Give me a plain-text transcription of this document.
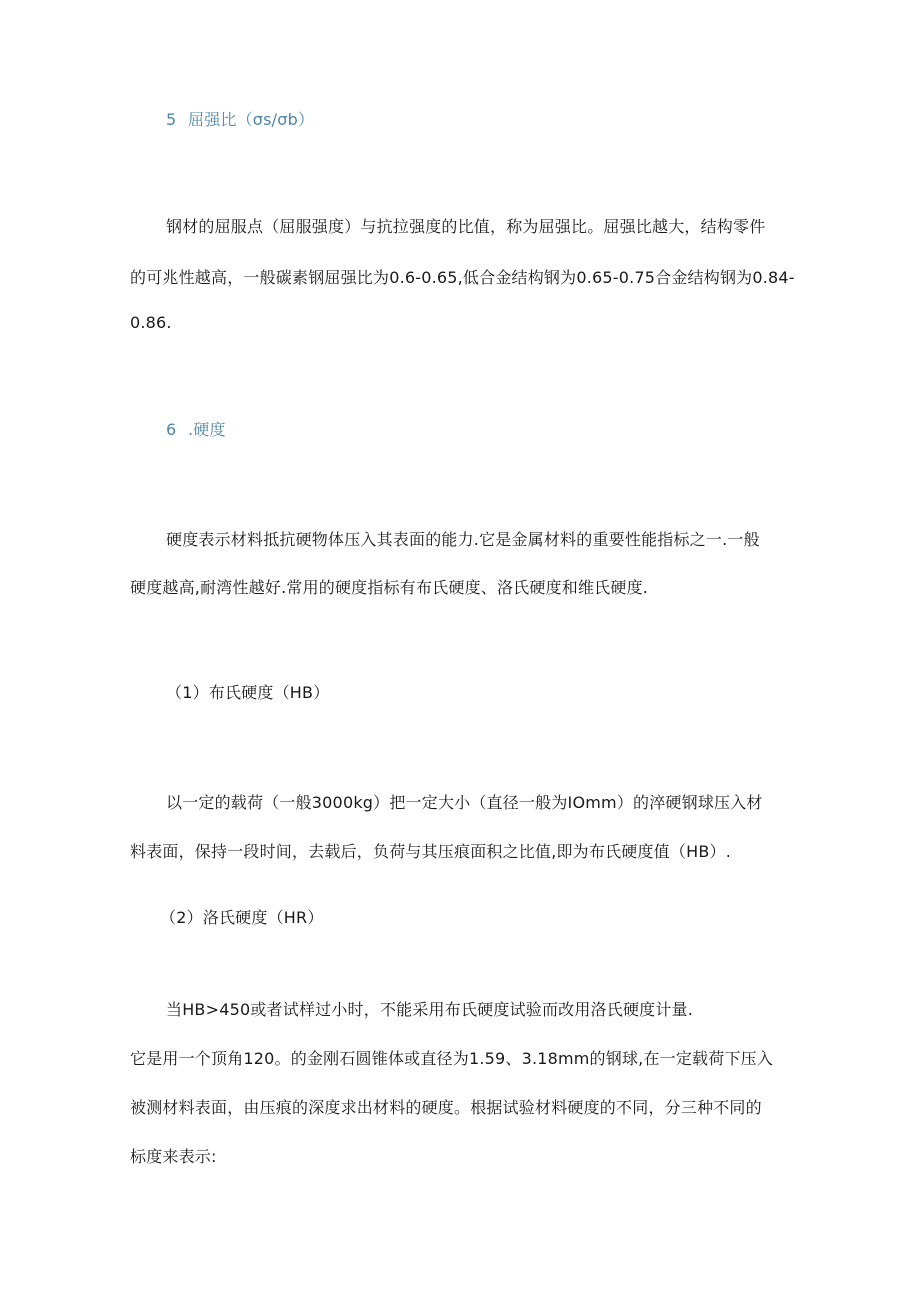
5 屈强比（σs/σb）
钢材的屈服点（屈服强度）与抗拉强度的比值，称为屈强比。屈强比越大，结构零件
的可兆性越高，一般碳素钢屈强比为0.6-0.65,低合金结构钢为0.65-0.75合金结构钢为0.84-
0.86.
6 .硬度
硬度表示材料抵抗硬物体压入其表面的能力.它是金属材料的重要性能指标之一.一般
硬度越高,耐湾性越好.常用的硬度指标有布氏硬度、洛氏硬度和维氏硬度.
（1）布氏硬度（HB）
以一定的载荷（一般3000kg）把一定大小（直径一般为IOmm）的淬硬钢球压入材
料表面，保持一段时间，去载后，负荷与其压痕面积之比值,即为布氏硬度值（HB）.
（2）洛氏硬度（HR）
当HB>450或者试样过小时，不能采用布氏硬度试验而改用洛氏硬度计量.
它是用一个顶角120。的金刚石圆锥体或直径为1.59、3.18mm的钢球,在一定载荷下压入
被测材料表面，由压痕的深度求出材料的硬度。根据试验材料硬度的不同，分三种不同的
标度来表示:
